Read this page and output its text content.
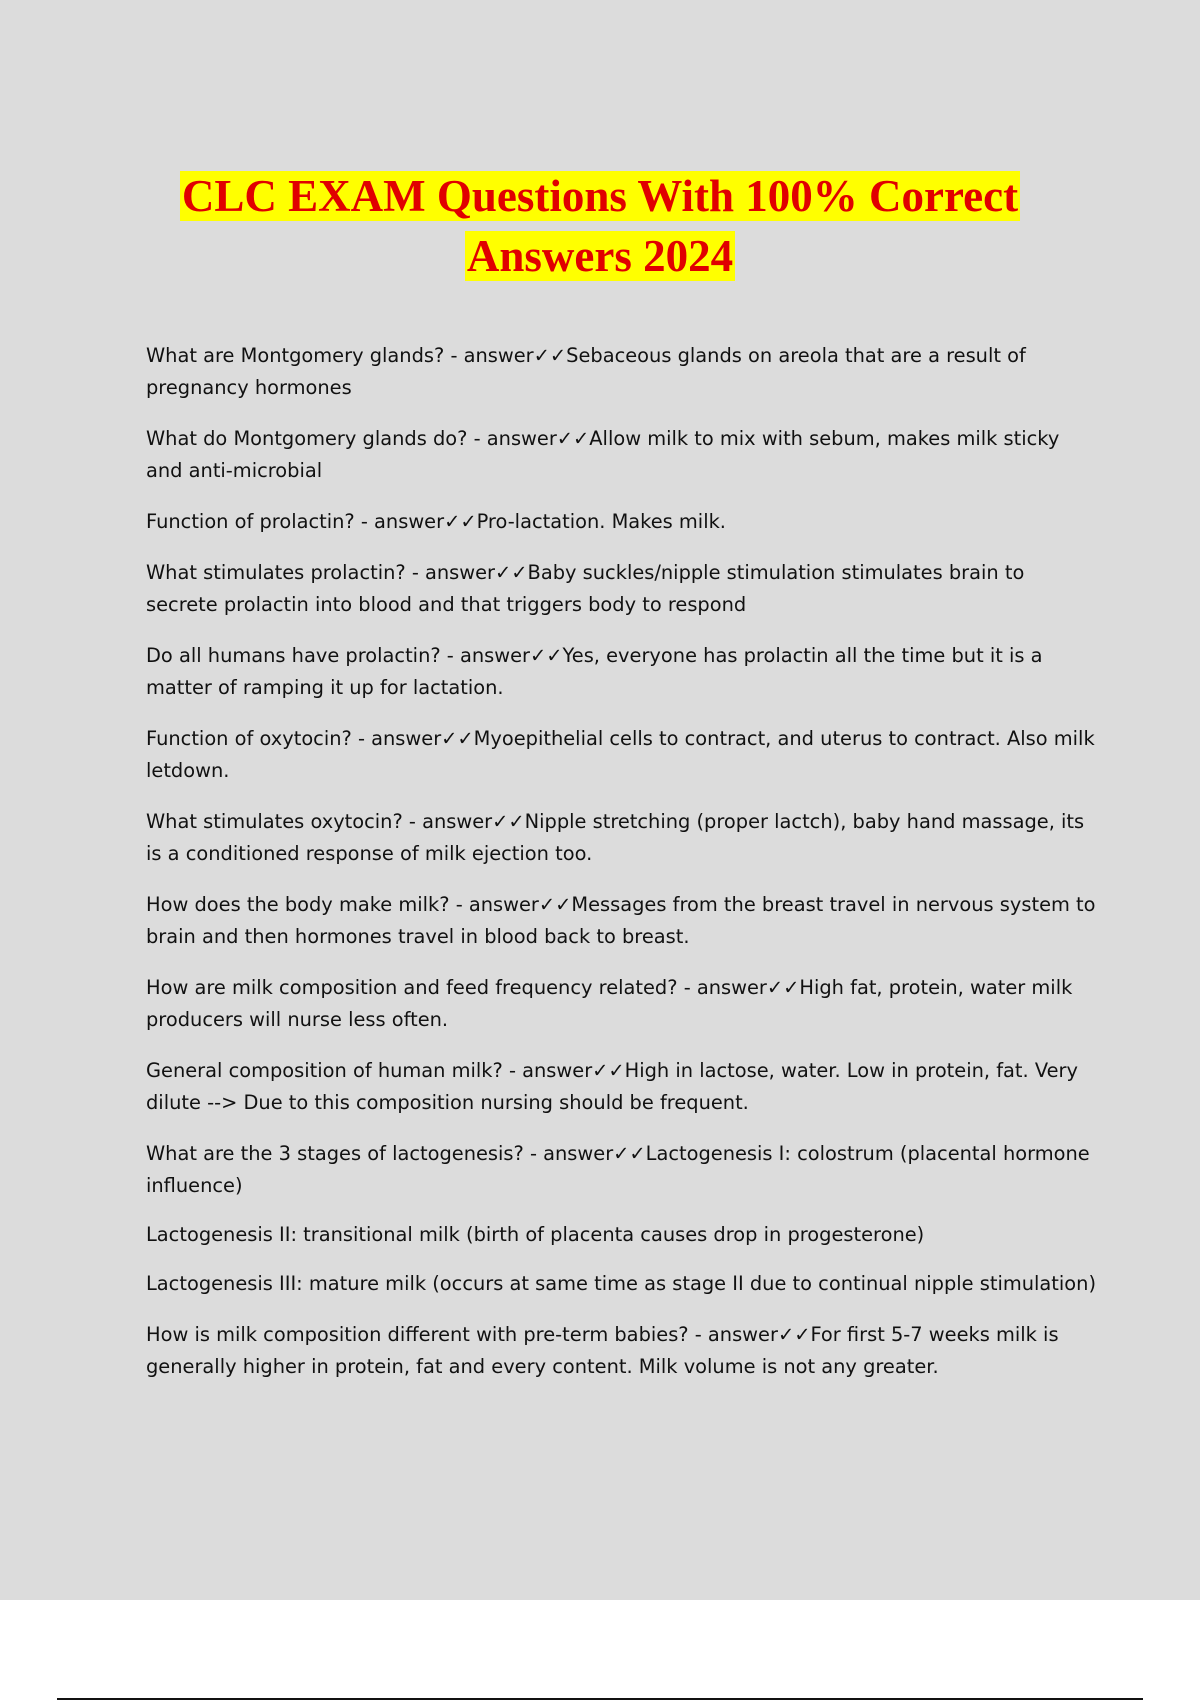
CLC EXAM Questions With 100% Correct
Answers 2024

What are Montgomery glands? - answer✓✓Sebaceous glands on areola that are a result of pregnancy hormones

What do Montgomery glands do? - answer✓✓Allow milk to mix with sebum, makes milk sticky and anti-microbial

Function of prolactin? - answer✓✓Pro-lactation. Makes milk.

What stimulates prolactin? - answer✓✓Baby suckles/nipple stimulation stimulates brain to secrete prolactin into blood and that triggers body to respond

Do all humans have prolactin? - answer✓✓Yes, everyone has prolactin all the time but it is a matter of ramping it up for lactation.

Function of oxytocin? - answer✓✓Myoepithelial cells to contract, and uterus to contract. Also milk letdown.

What stimulates oxytocin? - answer✓✓Nipple stretching (proper lactch), baby hand massage, its is a conditioned response of milk ejection too.

How does the body make milk? - answer✓✓Messages from the breast travel in nervous system to brain and then hormones travel in blood back to breast.

How are milk composition and feed frequency related? - answer✓✓High fat, protein, water milk producers will nurse less often.

General composition of human milk? - answer✓✓High in lactose, water. Low in protein, fat. Very dilute --> Due to this composition nursing should be frequent.

What are the 3 stages of lactogenesis? - answer✓✓Lactogenesis I: colostrum (placental hormone influence)

Lactogenesis II: transitional milk (birth of placenta causes drop in progesterone)

Lactogenesis III: mature milk (occurs at same time as stage II due to continual nipple stimulation)

How is milk composition different with pre-term babies? - answer✓✓For first 5-7 weeks milk is generally higher in protein, fat and every content. Milk volume is not any greater.
